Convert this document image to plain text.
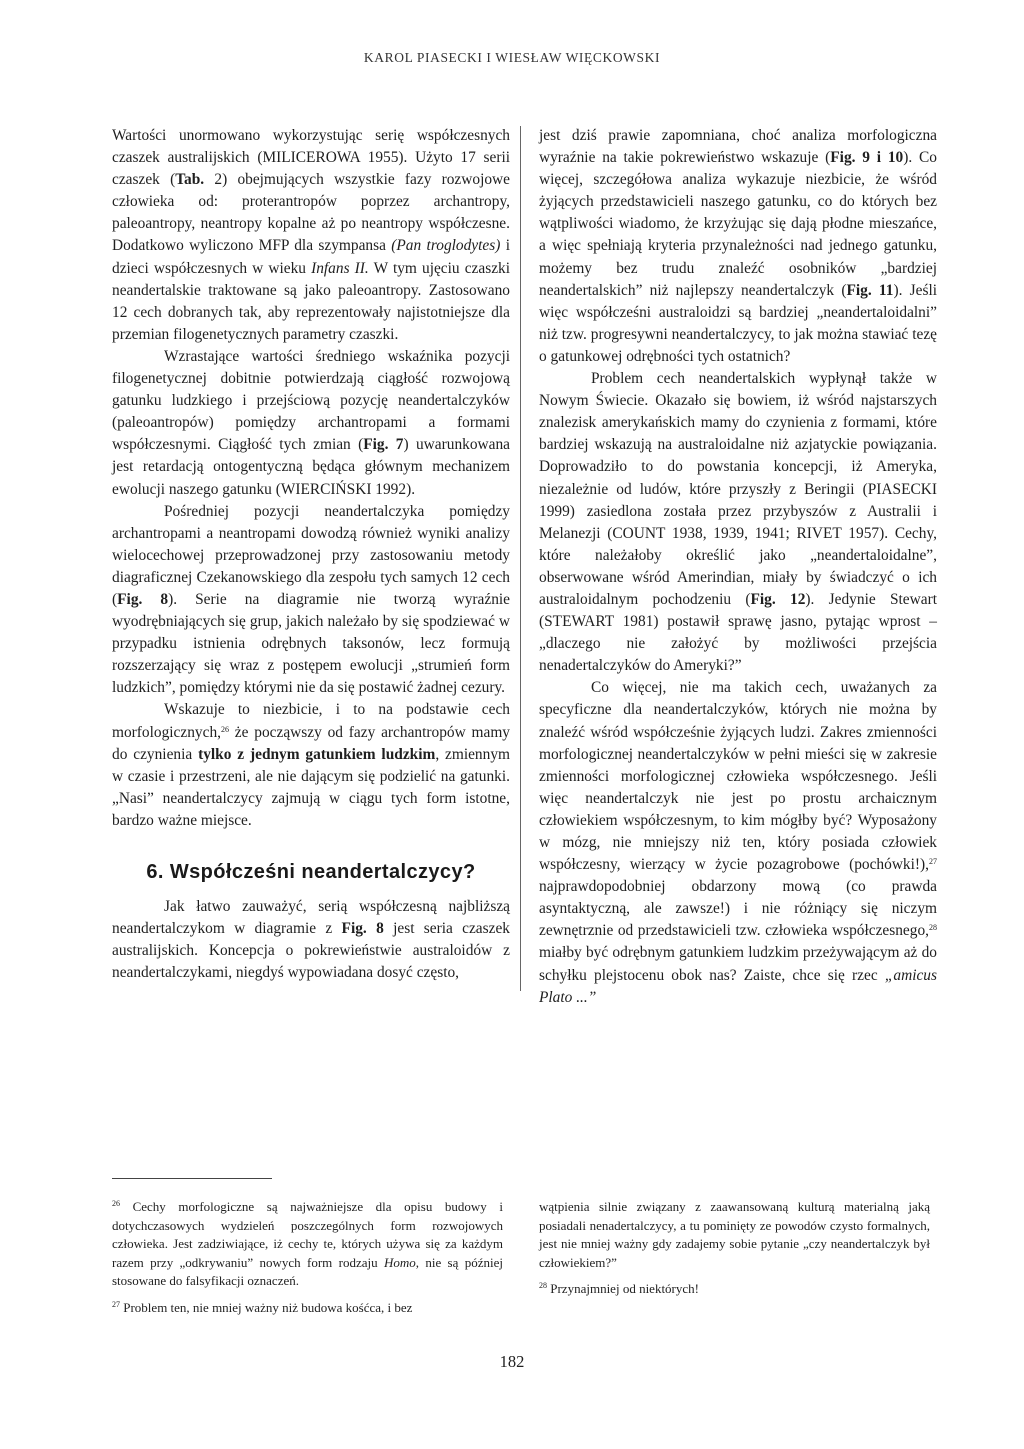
KAROL PIASECKI I WIESŁAW WIĘCKOWSKI

Wartości unormowano wykorzystując serię współczesnych czaszek australijskich (MILICEROWA 1955). Użyto 17 serii czaszek (Tab. 2) obejmujących wszystkie fazy rozwojowe człowieka od: proterantropów poprzez archantropy, paleoantropy, neantropy kopalne aż po neantropy współczesne. Dodatkowo wyliczono MFP dla szympansa (Pan troglodytes) i dzieci współczesnych w wieku Infans II. W tym ujęciu czaszki neandertalskie traktowane są jako paleoantropy. Zastosowano 12 cech dobranych tak, aby reprezentowały najistotniejsze dla przemian filogenetycznych parametry czaszki.

Wzrastające wartości średniego wskaźnika pozycji filogenetycznej dobitnie potwierdzają ciągłość rozwojową gatunku ludzkiego i przejściową pozycję neandertalczyków (paleoantropów) pomiędzy archantropami a formami współczesnymi. Ciągłość tych zmian (Fig. 7) uwarunkowana jest retardacją ontogentyczną będąca głównym mechanizem ewolucji naszego gatunku (WIERCIŃSKI 1992).

Pośredniej pozycji neandertalczyka pomiędzy archantropami a neantropami dowodzą również wyniki analizy wielocechowej przeprowadzonej przy zastosowaniu metody diagraficznej Czekanowskiego dla zespołu tych samych 12 cech (Fig. 8). Serie na diagramie nie tworzą wyraźnie wyodrębniających się grup, jakich należało by się spodziewać w przypadku istnienia odrębnych taksonów, lecz formują rozszerzający się wraz z postępem ewolucji „strumień form ludzkich”, pomiędzy którymi nie da się postawić żadnej cezury.

Wskazuje to niezbicie, i to na podstawie cech morfologicznych,$^{26}$ że począwszy od fazy archantropów mamy do czynienia tylko z jednym gatunkiem ludzkim, zmiennym w czasie i przestrzeni, ale nie dającym się podzielić na gatunki. „Nasi” neandertalczycy zajmują w ciągu tych form istotne, bardzo ważne miejsce.

6. Współcześni neandertalczycy?

Jak łatwo zauważyć, serią współczesną najbliższą neandertalczykom w diagramie z Fig. 8 jest seria czaszek australijskich. Koncepcja o pokrewieństwie australoidów z neandertalczykami, niegdyś wypowiadana dosyć często,

jest dziś prawie zapomniana, choć analiza morfologiczna wyraźnie na takie pokrewieństwo wskazuje (Fig. 9 i 10). Co więcej, szczegółowa analiza wykazuje niezbicie, że wśród żyjących przedstawicieli naszego gatunku, co do których bez wątpliwości wiadomo, że krzyżując się dają płodne mieszańce, a więc spełniają kryteria przynależności nad jednego gatunku, możemy bez trudu znaleźć osobników „bardziej neandertalskich” niż najlepszy neandertalczyk (Fig. 11). Jeśli więc współcześni australoidzi są bardziej „neandertaloidalni” niż tzw. progresywni neandertalczycy, to jak można stawiać tezę o gatunkowej odrębności tych ostatnich?

Problem cech neandertalskich wypłynął także w Nowym Świecie. Okazało się bowiem, iż wśród najstarszych znalezisk amerykańskich mamy do czynienia z formami, które bardziej wskazują na australoidalne niż azjatyckie powiązania. Doprowadziło to do powstania koncepcji, iż Ameryka, niezależnie od ludów, które przyszły z Beringii (PIASECKI 1999) zasiedlona została przez przybyszów z Australii i Melanezji (COUNT 1938, 1939, 1941; RIVET 1957). Cechy, które należałoby określić jako „neandertaloidalne”, obserwowane wśród Amerindian, miały by świadczyć o ich australoidalnym pochodzeniu (Fig. 12). Jedynie Stewart (STEWART 1981) postawił sprawę jasno, pytając wprost – „dlaczego nie założyć by możliwości przejścia nenadertalczyków do Ameryki?”

Co więcej, nie ma takich cech, uważanych za specyficzne dla neandertalczyków, których nie można by znaleźć wśród współcześnie żyjących ludzi. Zakres zmienności morfologicznej neandertalczyków w pełni mieści się w zakresie zmienności morfologicznej człowieka współczesnego. Jeśli więc neandertalczyk nie jest po prostu archaicznym człowiekiem współczesnym, to kim mógłby być? Wyposażony w mózg, nie mniejszy niż ten, który posiada człowiek współczesny, wierzący w życie pozagrobowe (pochówki!),$^{27}$ najprawdopodobniej obdarzony mową (co prawda asyntaktyczną, ale zawsze!) i nie różniący się niczym zewnętrznie od przedstawicieli tzw. człowieka współczesnego,$^{28}$ miałby być odrębnym gatunkiem ludzkim przeżywającym aż do schyłku plejstocenu obok nas? Zaiste, chce się rzec „amicus Plato ...”

$^{26}$ Cechy morfologiczne są najważniejsze dla opisu budowy i dotychczasowych wydzieleń poszczególnych form rozwojowych człowieka. Jest zadziwiające, iż cechy te, których używa się za każdym razem przy „odkrywaniu” nowych form rodzaju Homo, nie są później stosowane do falsyfikacji oznaczeń.

$^{27}$ Problem ten, nie mniej ważny niż budowa kośćca, i bez

wątpienia silnie związany z zaawansowaną kulturą materialną jaką posiadali nenadertalczycy, a tu pominięty ze powodów czysto formalnych, jest nie mniej ważny gdy zadajemy sobie pytanie „czy neandertalczyk był człowiekiem?”

$^{28}$ Przynajmniej od niektórych!

182
